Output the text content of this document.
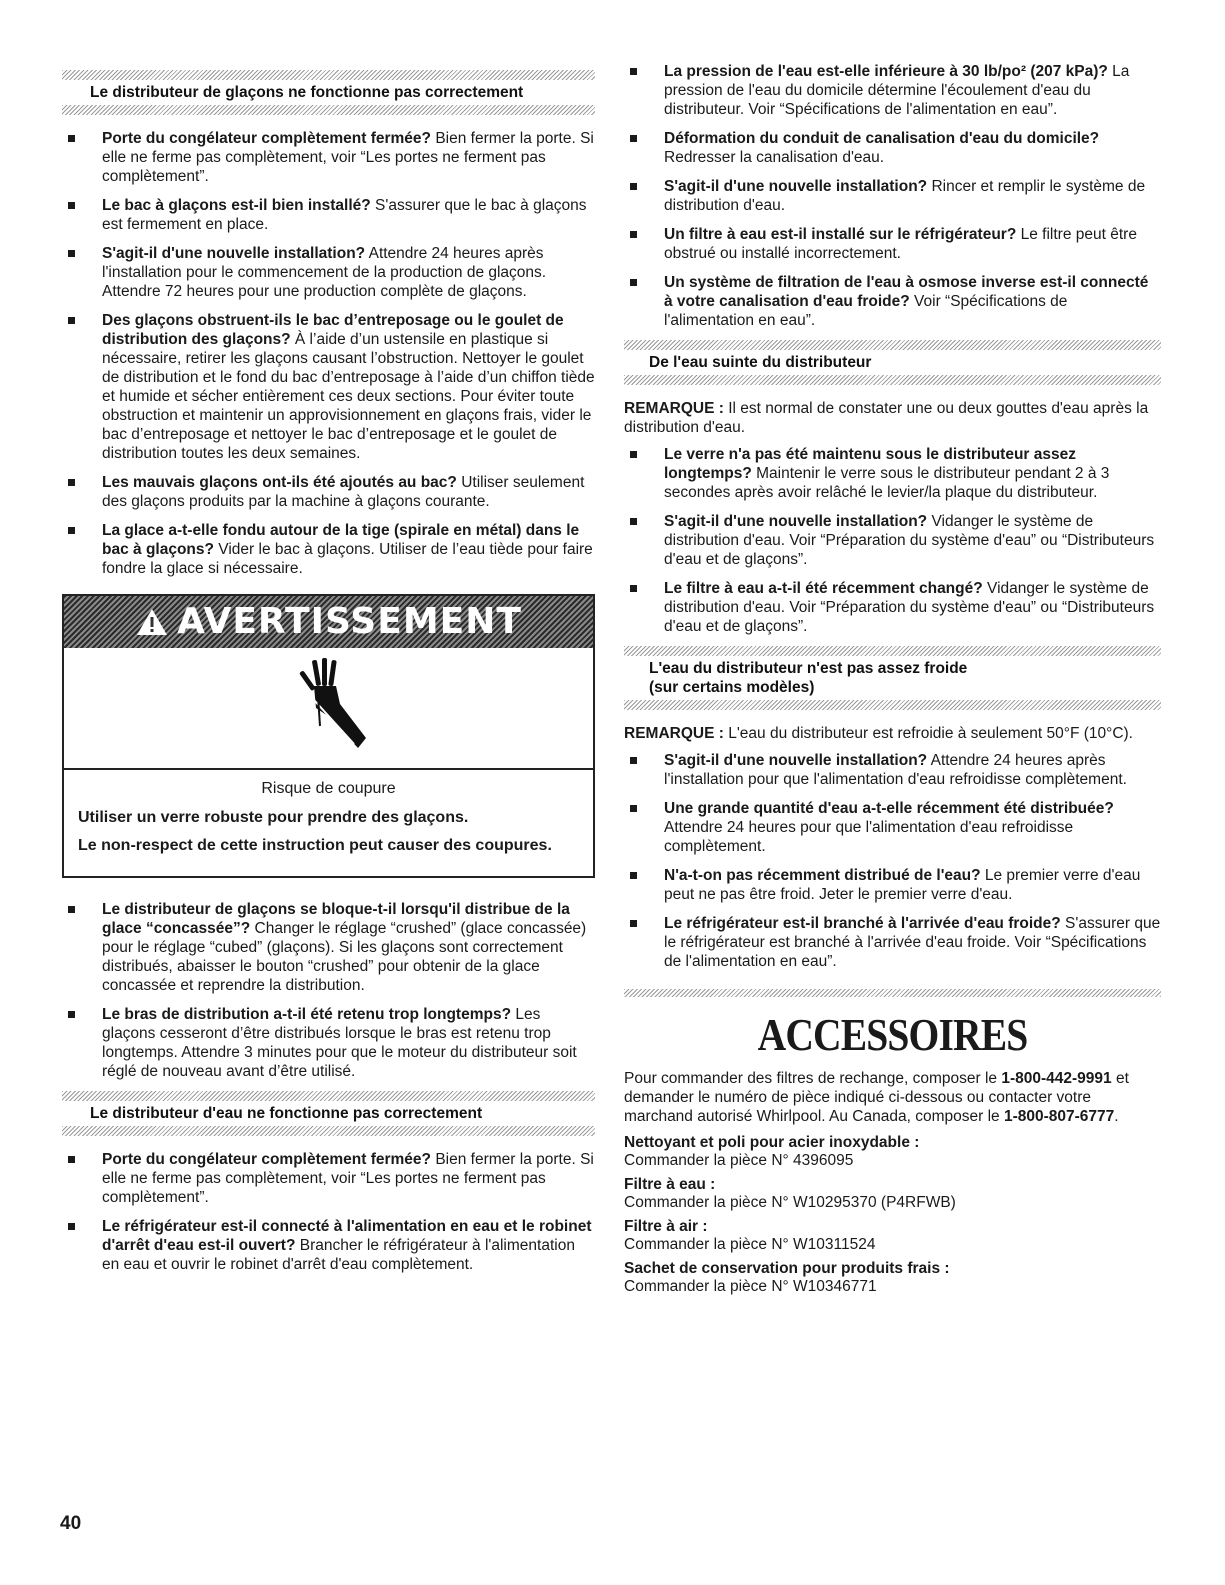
Le distributeur de glaçons ne fonctionne pas correctement
Porte du congélateur complètement fermée? Bien fermer la porte. Si elle ne ferme pas complètement, voir “Les portes ne ferment pas complètement”.
Le bac à glaçons est-il bien installé? S'assurer que le bac à glaçons est fermement en place.
S'agit-il d'une nouvelle installation? Attendre 24 heures après l'installation pour le commencement de la production de glaçons. Attendre 72 heures pour une production complète de glaçons.
Des glaçons obstruent-ils le bac d’entreposage ou le goulet de distribution des glaçons? À l’aide d’un ustensile en plastique si nécessaire, retirer les glaçons causant l’obstruction. Nettoyer le goulet de distribution et le fond du bac d’entreposage à l’aide d’un chiffon tiède et humide et sécher entièrement ces deux sections. Pour éviter toute obstruction et maintenir un approvisionnement en glaçons frais, vider le bac d’entreposage et nettoyer le bac d’entreposage et le goulet de distribution toutes les deux semaines.
Les mauvais glaçons ont-ils été ajoutés au bac? Utiliser seulement des glaçons produits par la machine à glaçons courante.
La glace a-t-elle fondu autour de la tige (spirale en métal) dans le bac à glaçons? Vider le bac à glaçons. Utiliser de l’eau tiède pour faire fondre la glace si nécessaire.
AVERTISSEMENT
Risque de coupure
Utiliser un verre robuste pour prendre des glaçons.
Le non-respect de cette instruction peut causer des coupures.
Le distributeur de glaçons se bloque-t-il lorsqu'il distribue de la glace “concassée”? Changer le réglage “crushed” (glace concassée) pour le réglage “cubed” (glaçons). Si les glaçons sont correctement distribués, abaisser le bouton “crushed” pour obtenir de la glace concassée et reprendre la distribution.
Le bras de distribution a-t-il été retenu trop longtemps? Les glaçons cesseront d’être distribués lorsque le bras est retenu trop longtemps. Attendre 3 minutes pour que le moteur du distributeur soit réglé de nouveau avant d’être utilisé.
Le distributeur d'eau ne fonctionne pas correctement
Porte du congélateur complètement fermée? Bien fermer la porte. Si elle ne ferme pas complètement, voir “Les portes ne ferment pas complètement”.
Le réfrigérateur est-il connecté à l'alimentation en eau et le robinet d'arrêt d'eau est-il ouvert? Brancher le réfrigérateur à l'alimentation en eau et ouvrir le robinet d'arrêt d'eau complètement.
La pression de l'eau est-elle inférieure à 30 lb/po² (207 kPa)? La pression de l'eau du domicile détermine l'écoulement d'eau du distributeur. Voir “Spécifications de l'alimentation en eau”.
Déformation du conduit de canalisation d'eau du domicile? Redresser la canalisation d'eau.
S'agit-il d'une nouvelle installation? Rincer et remplir le système de distribution d'eau.
Un filtre à eau est-il installé sur le réfrigérateur? Le filtre peut être obstrué ou installé incorrectement.
Un système de filtration de l'eau à osmose inverse est-il connecté à votre canalisation d'eau froide? Voir “Spécifications de l'alimentation en eau”.
De l'eau suinte du distributeur

REMARQUE : Il est normal de constater une ou deux gouttes d'eau après la distribution d'eau.

Le verre n'a pas été maintenu sous le distributeur assez longtemps? Maintenir le verre sous le distributeur pendant 2 à 3 secondes après avoir relâché le levier/la plaque du distributeur.
S'agit-il d'une nouvelle installation? Vidanger le système de distribution d'eau. Voir “Préparation du système d'eau” ou “Distributeurs d'eau et de glaçons”.
Le filtre à eau a-t-il été récemment changé? Vidanger le système de distribution d'eau. Voir “Préparation du système d'eau” ou “Distributeurs d'eau et de glaçons”.
L'eau du distributeur n'est pas assez froide
(sur certains modèles)

REMARQUE : L'eau du distributeur est refroidie à seulement 50°F (10°C).

S'agit-il d'une nouvelle installation? Attendre 24 heures après l'installation pour que l'alimentation d'eau refroidisse complètement.
Une grande quantité d'eau a-t-elle récemment été distribuée? Attendre 24 heures pour que l'alimentation d'eau refroidisse complètement.
N'a-t-on pas récemment distribué de l'eau? Le premier verre d'eau peut ne pas être froid. Jeter le premier verre d'eau.
Le réfrigérateur est-il branché à l'arrivée d'eau froide? S'assurer que le réfrigérateur est branché à l'arrivée d'eau froide. Voir “Spécifications de l'alimentation en eau”.
ACCESSOIRES

Pour commander des filtres de rechange, composer le 1-800-442-9991 et demander le numéro de pièce indiqué ci-dessous ou contacter votre marchand autorisé Whirlpool. Au Canada, composer le 1-800-807-6777.

Nettoyant et poli pour acier inoxydable :
Commander la pièce N° 4396095
Filtre à eau :
Commander la pièce N° W10295370 (P4RFWB)
Filtre à air :
Commander la pièce N° W10311524
Sachet de conservation pour produits frais :
Commander la pièce N° W10346771
40
